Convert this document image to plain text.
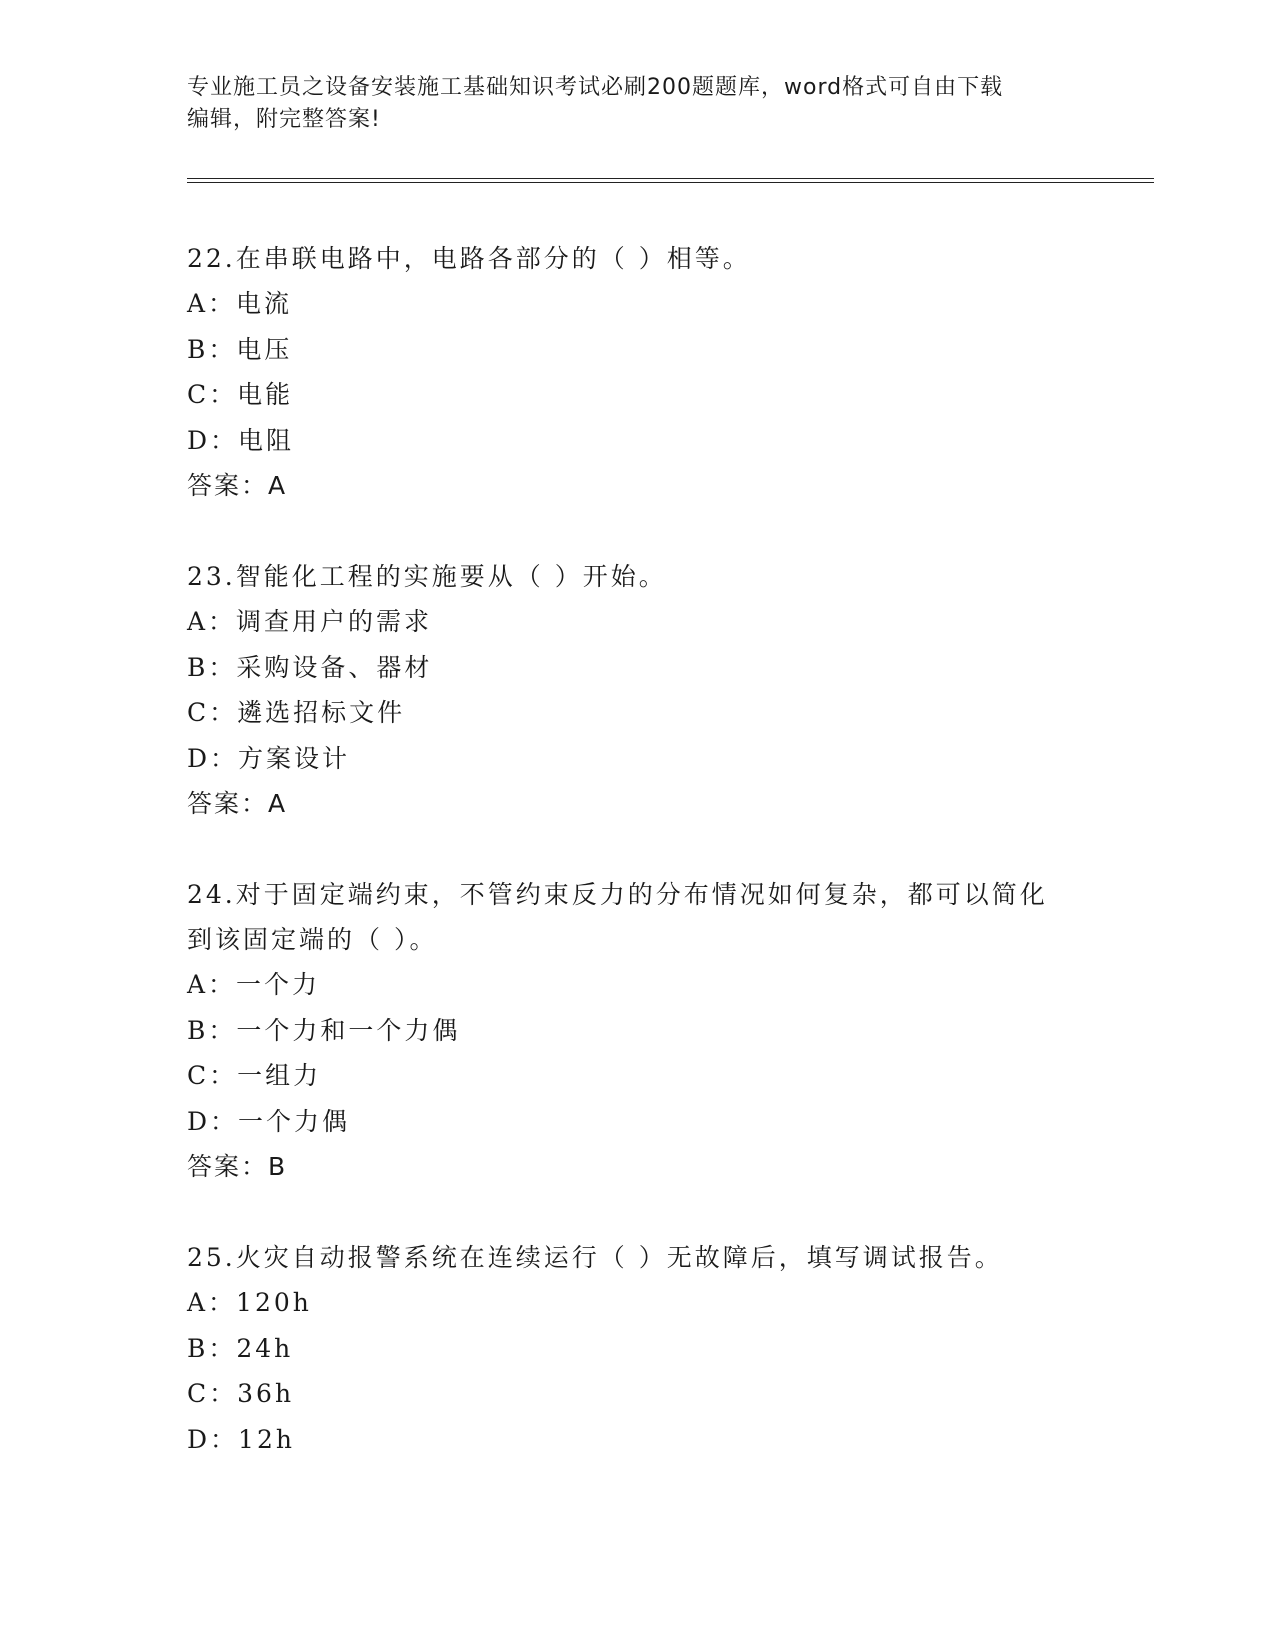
专业施工员之设备安装施工基础知识考试必刷200题题库，word格式可自由下载
编辑，附完整答案!
22.在串联电路中，电路各部分的（ ）相等。
A：电流
B：电压
C：电能
D：电阻
答案：A
23.智能化工程的实施要从（ ）开始。
A：调查用户的需求
B：采购设备、器材
C：遴选招标文件
D：方案设计
答案：A
24.对于固定端约束，不管约束反力的分布情况如何复杂，都可以简化
到该固定端的（ ）。
A：一个力
B：一个力和一个力偶
C：一组力
D：一个力偶
答案：B
25.火灾自动报警系统在连续运行（ ）无故障后，填写调试报告。
A：120h
B：24h
C：36h
D：12h
